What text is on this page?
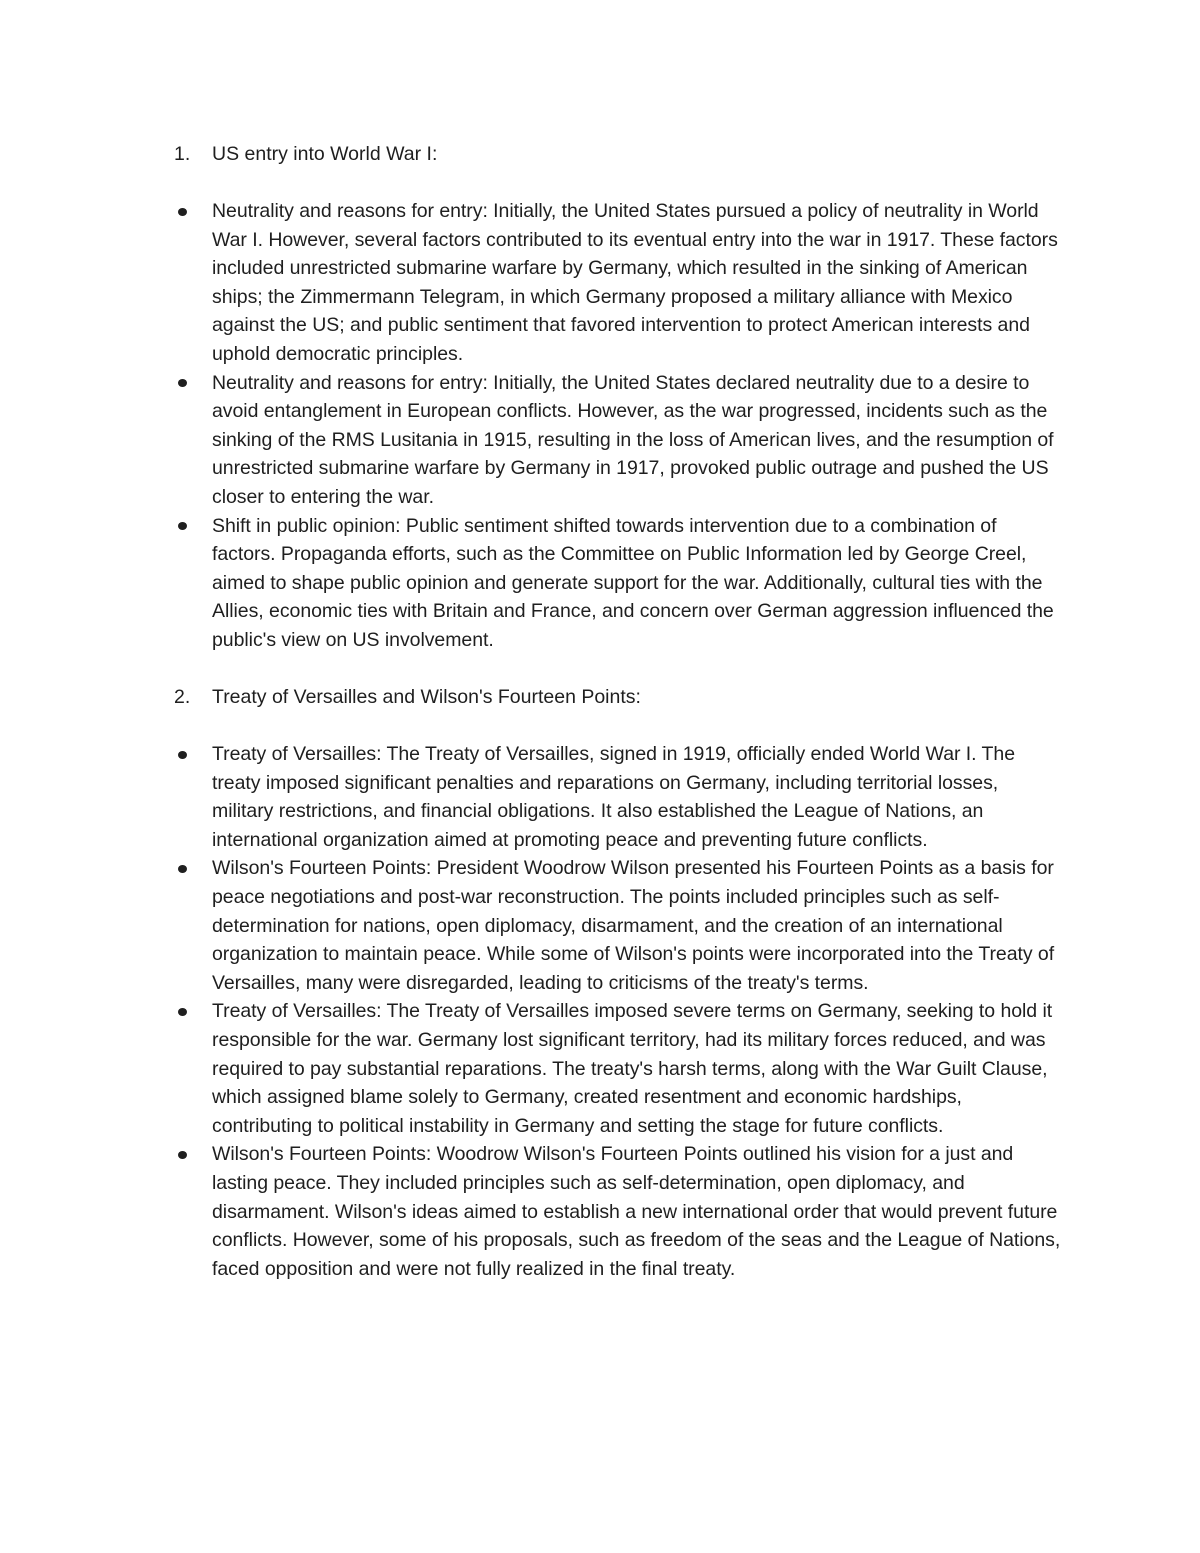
1. US entry into World War I:
Neutrality and reasons for entry: Initially, the United States pursued a policy of neutrality in World War I. However, several factors contributed to its eventual entry into the war in 1917. These factors included unrestricted submarine warfare by Germany, which resulted in the sinking of American ships; the Zimmermann Telegram, in which Germany proposed a military alliance with Mexico against the US; and public sentiment that favored intervention to protect American interests and uphold democratic principles.
Neutrality and reasons for entry: Initially, the United States declared neutrality due to a desire to avoid entanglement in European conflicts. However, as the war progressed, incidents such as the sinking of the RMS Lusitania in 1915, resulting in the loss of American lives, and the resumption of unrestricted submarine warfare by Germany in 1917, provoked public outrage and pushed the US closer to entering the war.
Shift in public opinion: Public sentiment shifted towards intervention due to a combination of factors. Propaganda efforts, such as the Committee on Public Information led by George Creel, aimed to shape public opinion and generate support for the war. Additionally, cultural ties with the Allies, economic ties with Britain and France, and concern over German aggression influenced the public's view on US involvement.
2. Treaty of Versailles and Wilson's Fourteen Points:
Treaty of Versailles: The Treaty of Versailles, signed in 1919, officially ended World War I. The treaty imposed significant penalties and reparations on Germany, including territorial losses, military restrictions, and financial obligations. It also established the League of Nations, an international organization aimed at promoting peace and preventing future conflicts.
Wilson's Fourteen Points: President Woodrow Wilson presented his Fourteen Points as a basis for peace negotiations and post-war reconstruction. The points included principles such as self-determination for nations, open diplomacy, disarmament, and the creation of an international organization to maintain peace. While some of Wilson's points were incorporated into the Treaty of Versailles, many were disregarded, leading to criticisms of the treaty's terms.
Treaty of Versailles: The Treaty of Versailles imposed severe terms on Germany, seeking to hold it responsible for the war. Germany lost significant territory, had its military forces reduced, and was required to pay substantial reparations. The treaty's harsh terms, along with the War Guilt Clause, which assigned blame solely to Germany, created resentment and economic hardships, contributing to political instability in Germany and setting the stage for future conflicts.
Wilson's Fourteen Points: Woodrow Wilson's Fourteen Points outlined his vision for a just and lasting peace. They included principles such as self-determination, open diplomacy, and disarmament. Wilson's ideas aimed to establish a new international order that would prevent future conflicts. However, some of his proposals, such as freedom of the seas and the League of Nations, faced opposition and were not fully realized in the final treaty.
